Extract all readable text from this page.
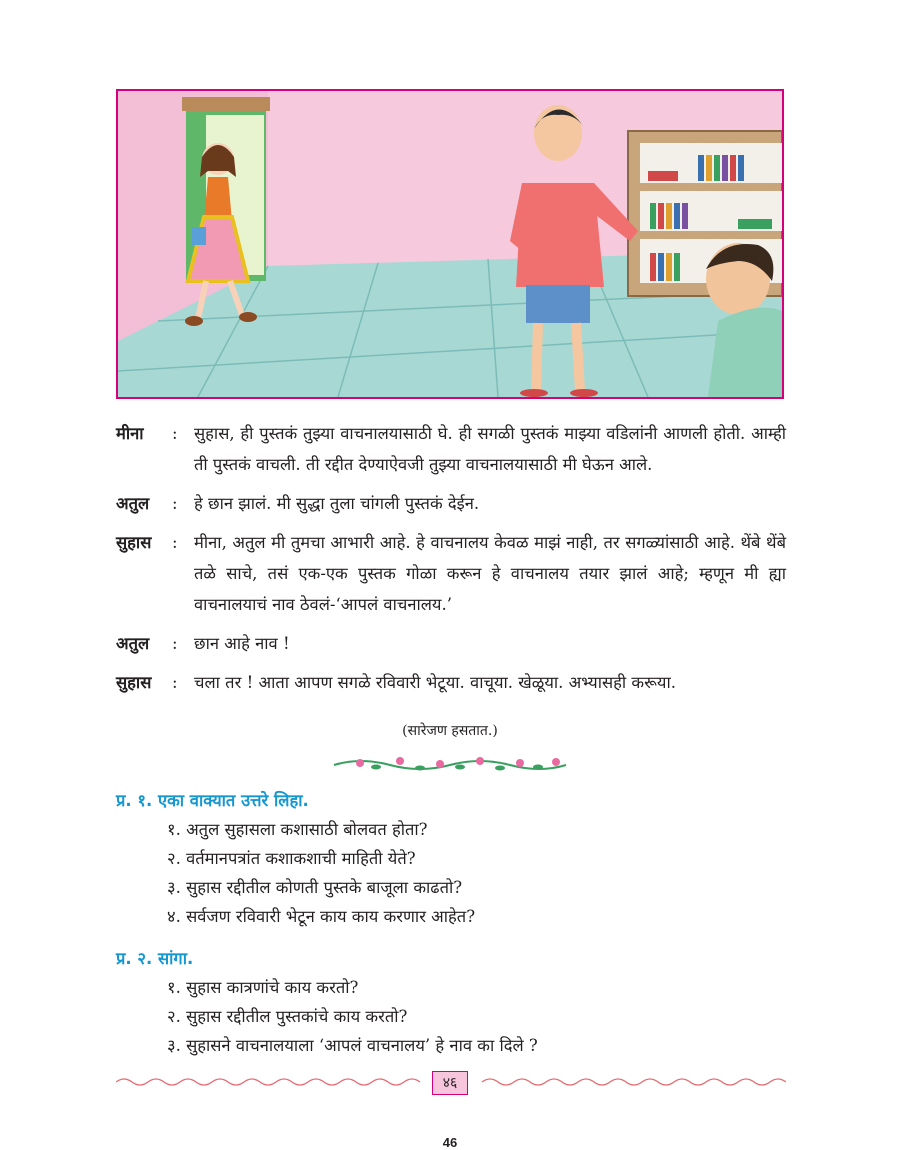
मीना	: सुहास, ही पुस्तकं तुझ्या वाचनालयासाठी घे. ही सगळी पुस्तकं माझ्या वडिलांनी आणली होती. आम्ही ती पुस्तकं वाचली. ती रद्दीत देण्याऐवजी तुझ्या वाचनालयासाठी मी घेऊन आले.
अतुल	: हे छान झालं. मी सुद्धा तुला चांगली पुस्तकं देईन.
सुहास	: मीना, अतुल मी तुमचा आभारी आहे. हे वाचनालय केवळ माझं नाही, तर सगळ्यांसाठी आहे. थेंबे थेंबे तळे साचे, तसं एक-एक पुस्तक गोळा करून हे वाचनालय तयार झालं आहे; म्हणून मी ह्या वाचनालयाचं नाव ठेवलं-‘आपलं वाचनालय.’
अतुल	: छान आहे नाव !
सुहास	: चला तर ! आता आपण सगळे रविवारी भेटूया. वाचूया. खेळूया. अभ्यासही करूया.
(सारेजण हसतात.)
प्र. १. एका वाक्यात उत्तरे लिहा.
१. अतुल सुहासला कशासाठी बोलवत होता?
२. वर्तमानपत्रांत कशाकशाची माहिती येते?
३. सुहास रद्दीतील कोणती पुस्तके बाजूला काढतो?
४. सर्वजण रविवारी भेटून काय काय करणार आहेत?
प्र. २. सांगा.
१. सुहास कात्रणांचे काय करतो?
२. सुहास रद्दीतील पुस्तकांचे काय करतो?
३. सुहासने वाचनालयाला ‘आपलं वाचनालय’ हे नाव का दिले ?
४६
46
